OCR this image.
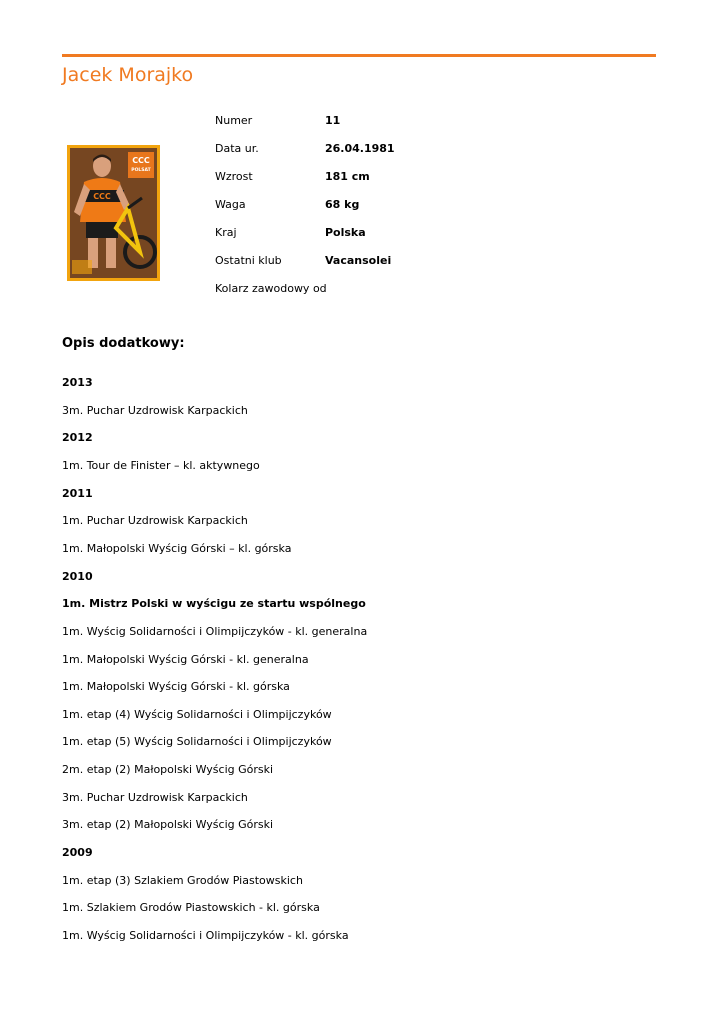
Jacek Morajko
CCC
POLSAT
CCC
Numer	11
Data ur.	26.04.1981
Wzrost	181 cm
Waga	68 kg
Kraj	Polska
Ostatni klub	Vacansolei
Kolarz zawodowy od
Opis dodatkowy:
2013
3m. Puchar Uzdrowisk Karpackich
2012
1m. Tour de Finister – kl. aktywnego
2011
1m. Puchar Uzdrowisk Karpackich
1m. Małopolski Wyścig Górski – kl. górska
2010
1m. Mistrz Polski w wyścigu ze startu wspólnego
1m. Wyścig Solidarności i Olimpijczyków - kl. generalna
1m. Małopolski Wyścig Górski - kl. generalna
1m. Małopolski Wyścig Górski - kl. górska
1m. etap (4) Wyścig Solidarności i Olimpijczyków
1m. etap (5) Wyścig Solidarności i Olimpijczyków
2m. etap (2) Małopolski Wyścig Górski
3m. Puchar Uzdrowisk Karpackich
3m. etap (2) Małopolski Wyścig Górski
2009
1m. etap (3) Szlakiem Grodów Piastowskich
1m. Szlakiem Grodów Piastowskich - kl. górska
1m. Wyścig Solidarności i Olimpijczyków - kl. górska
